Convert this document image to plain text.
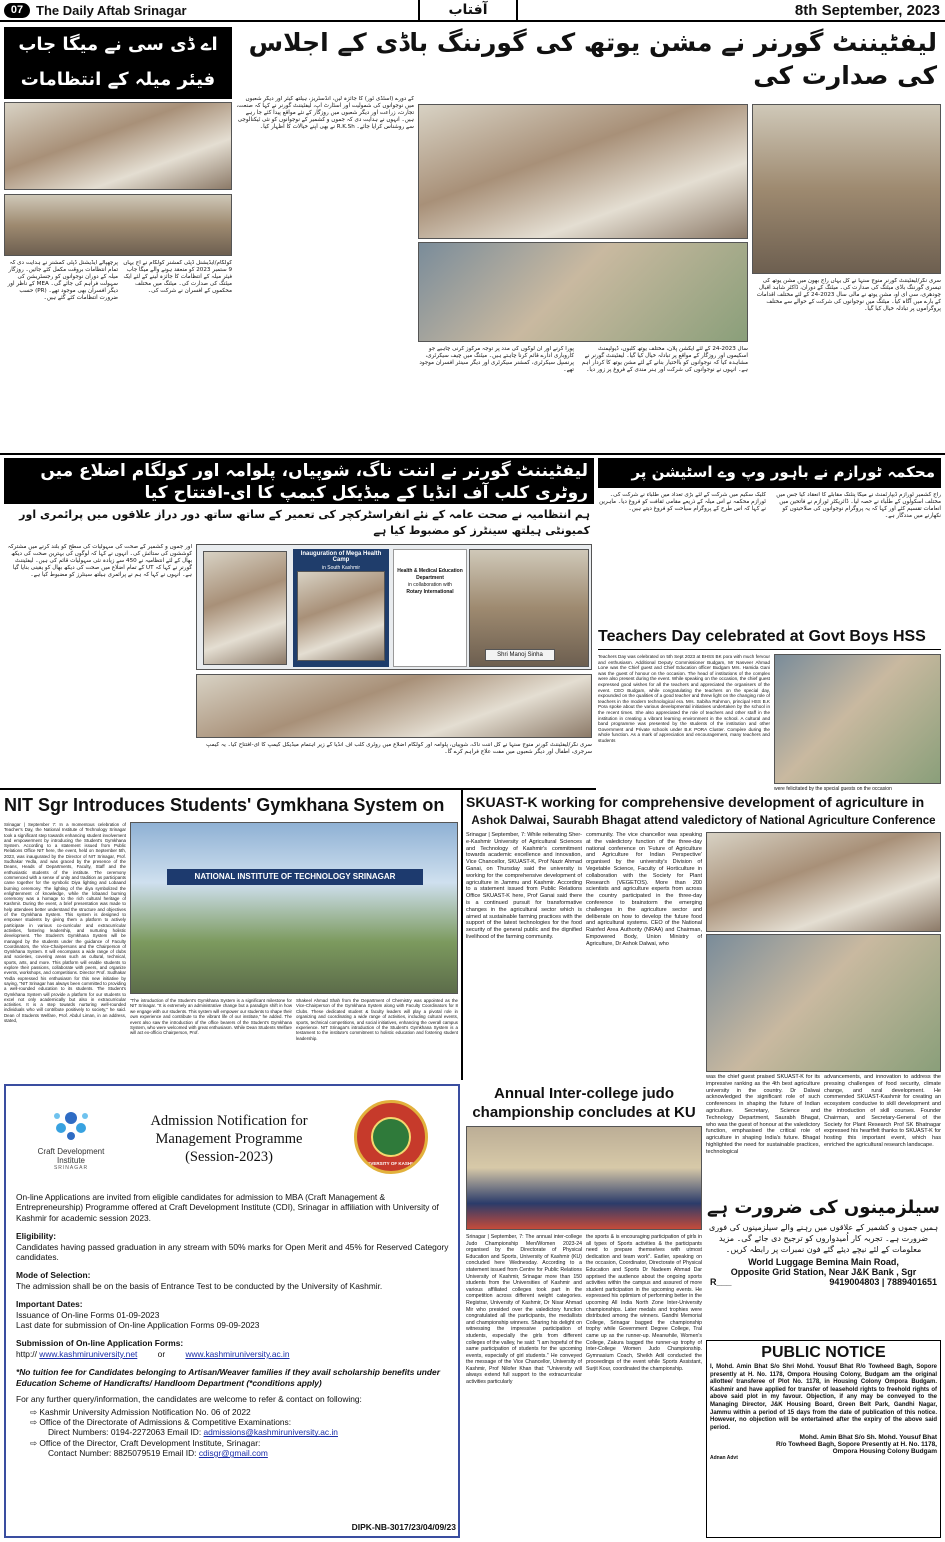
07 The Daily Aftab Srinagar	آفتاب	8th September, 2023
لیفٹیننٹ گورنر نے مشن یوتھ کی گورننگ باڈی کے اجلاس کی صدارت کی
کے دورے (اسٹڈی ٹور) کا جائزہ لیں، انڈسٹریز، ہیلتھ کیئر اور دیگر شعبوں میں نوجوانوں کی شمولیت اور اسٹارٹ اپ، لیفٹیننٹ گورنر نے کہا کہ صنعت، تجارت، زراعت اور دیگر شعبوں میں روزگار کے نئے مواقع پیدا کئے جا رہے ہیں۔ انہوں نے ہدایت دی کہ جموں و کشمیر کے نوجوانوں کو نئی ٹیکنالوجی سے روشناس کرایا جائے۔ R.K.Sh نے بھی اپنے خیالات کا اظہار کیا۔
سری نگر/لیفٹیننٹ گورنر منوج سنہا نے کل یہاں راج بھون میں مشن یوتھ کی تیسری گورننگ باڈی میٹنگ کی صدارت کی۔ میٹنگ کے دوران، ڈاکٹر شاہد اقبال چودھری، سی ای او، مشن یوتھ نے مالی سال 2023-24 کے لئے مختلف اقدامات کے بارے میں آگاہ کیا۔ میٹنگ میں نوجوانوں کی شرکت کے حوالے سے مختلف پروگراموں پر تبادلہ خیال کیا گیا۔
سال 2023-24 کے لئے ایکشن پلان، مختلف یوتھ کلبوں، ڈیولپمنٹ اسکیموں اور روزگار کے مواقع پر تبادلہ خیال کیا گیا۔ لیفٹیننٹ گورنر نے مشاہدہ کیا کہ نوجوانوں کو بااختیار بنانے کے لئے مشن یوتھ کا کردار اہم ہے۔ انہوں نے نوجوانوں کی شرکت اور ہنر مندی کے فروغ پر زور دیا۔
پورا کرنے اور ان لوگوں کی مدد پر توجہ مرکوز کرنی چاہیے جو کاروباری ادارے قائم کرنا چاہتے ہیں۔ میٹنگ میں چیف سیکرٹری، پرنسپل سیکرٹری، کمشنر سیکرٹری اور دیگر سینئر افسران موجود تھے۔
اے ڈی سی نے میگا جاب فیئر میلہ کے انتظامات
کولگام/ایڈیشنل ڈپٹی کمشنر کولگام نے آج یہاں 9 ستمبر 2023 کو منعقد ہونے والے میگا جاب فیئر میلہ کے انتظامات کا جائزہ لینے کے لئے ایک میٹنگ کی صدارت کی۔ میٹنگ میں مختلف محکموں کے افسران نے شرکت کی۔
پرچھپالے ایڈیشنل ڈپٹی کمشنر نے ہدایت دی کہ تمام انتظامات بروقت مکمل کئے جائیں۔ روزگار میلہ کے دوران نوجوانوں کو رجسٹریشن کی سہولت فراہم کی جائے گی۔ MEA کے ناظر اور دیگر افسران بھی موجود تھے۔ (PR) حسب ضرورت انتظامات کئے گئے ہیں۔
لیفٹیننٹ گورنر نے اننت ناگ، شوپیاں، پلوامہ اور کولگام اضلاع میں روٹری کلب آف انڈیا کے میڈیکل کیمپ کا ای-افتتاح کیا
ہم انتظامیہ نے صحت عامہ کے نئے انفراسٹرکچر کی تعمیر کے ساتھ ساتھ دور دراز علاقوں میں پرائمری اور کمیونٹی ہیلتھ سینٹرز کو مضبوط کیا ہے
Inauguration of Mega Health Camp
in South Kashmir	Health & Medical Education Department
in collaboration with
Rotary International
Shri Manoj Sinha
اور جموں و کشمیر کے صحت کی سہولیات کی سطح کو بلند کرنے میں مشترکہ کوششوں کی ستائش کی۔ انہوں نے کہا کہ لوگوں کی بہترین صحت کی دیکھ بھال کے لئے انتظامیہ نے 450 سے زیادہ نئی سہولیات قائم کی ہیں۔ لیفٹیننٹ گورنر نے کہا کہ UT کے تمام اضلاع میں صحت کی دیکھ بھال کو یقینی بنایا گیا ہے۔ انہوں نے کہا کہ ہم نے پرائمری ہیلتھ سینٹرز کو مضبوط کیا ہے۔
سری نگر/لیفٹیننٹ گورنر منوج سنہا نے کل اننت ناگ، شوپیاں، پلوامہ اور کولگام اضلاع میں روٹری کلب آف انڈیا کے زیر اہتمام میڈیکل کیمپ کا ای-افتتاح کیا۔ یہ کیمپ سرجری، اطفال اور دیگر شعبوں میں مفت علاج فراہم کرے گا۔
محکمہ ٹورازم نے باہور وپ وے اسٹیشن پر
راج کشمیر ٹورازم ڈیپارٹمنٹ نے میگا پنٹنگ مقابلے کا انعقاد کیا جس میں مختلف اسکولوں کے طلباء نے حصہ لیا۔ ڈائریکٹر ٹورازم نے فاتحین میں انعامات تقسیم کئے اور کہا کہ یہ پروگرام نوجوانوں کی صلاحیتوں کو نکھارنے میں مددگار ہے۔
کلیک سکیم میں شرکت کے لئے بڑی تعداد میں طلباء نے شرکت کی۔ ٹورازم محکمہ نے اس میلہ کے ذریعے مقامی ثقافت کو فروغ دیا۔ ماہرین نے کہا کہ اس طرح کے پروگرام سیاحت کو فروغ دیتے ہیں۔
Teachers Day celebrated at Govt Boys HSS
Teachers Day was celebrated on 5th Sept 2023 at BHSS BK pora with much fervour and enthusiasm. Additional Deputy Commissioner Budgam, Mr Nasveer Ahmad Lone was the Chief guest and Chief Education officer Budgam Mrs. Hamida Gani was the guest of honour on the occasion. The head of institutions of the complex were also present during the event. While speaking on the occasion, the chief guest expressed good wishes for all the teachers and appreciated the organisers of the event. CEO Budgam, while congratulating the teachers on the special day, expounded on the qualities of a good teacher and threw light on the changing role of teachers in the modern technological era. Mrs. Sabiha Rahmon, principal HSS B.K Pora spoke about the various developmental initiatives undertaken by the school in the recent times. She also appreciated the role of teachers and other staff in the institution in creating a vibrant learning environment in the school. A cultural and band programme was presented by the students of the institution and other Government and Private schools under B.K PORA Cluster. Compère during the whole function. As a mark of appreciation and encouragement, many teachers and students
were felicitated by the special guests on the occasion
NIT Sgr Introduces Students' Gymkhana System on
Srinagar | September 7: In a momentous celebration of Teacher's Day, the National Institute of Technology Srinagar took a significant step towards enhancing student involvement and empowerment by introducing the Student's Gymkhana System. According to a statement issued from Public Relations Office NIT here, the event, held on September 5th, 2023, was inaugurated by the Director of NIT Srinagar, Prof. Sudhakar Yedla, and was graced by the presence of the Deans, Heads of Departments, Faculty, Staff and the enthusiastic students of the institute. The ceremony commenced with a sense of unity and tradition as participants came together for the symbolic Diya lighting and Lobaand burning ceremony. The lighting of the diya symbolized the enlightenment of knowledge, while the lobaand burning ceremony was a homage to the rich cultural heritage of Kashmir. During the event, a brief presentation was made to help attendees better understand the structure and objectives of the Gymkhana System. This system is designed to empower students by giving them a platform to actively participate in various co-curricular and extracurricular activities, fostering leadership, and nurturing holistic development. The Student's Gymkhana System will be managed by the students under the guidance of Faculty Coordinators, the Vice-Chairpersons and the Chairperson of Gymkhana System. It will encompass a wide range of clubs and societies, covering areas such as cultural, technical, sports, arts, and more. This platform will enable students to explore their passions, collaborate with peers, and organize events, workshops, and competitions. Director Prof. Sudhakar Yedla expressed his enthusiasm for this new initiative by saying, "NIT Srinagar has always been committed to providing a well-rounded education to its students. The Student's Gymkhana System will provide a platform for our students to excel not only academically but also in extracurricular activities. It is a step towards nurturing well-rounded individuals who will contribute positively to society," he said. Dean of Students Welfare, Prof. Abdul Liman, in an address, stated,
NATIONAL INSTITUTE OF TECHNOLOGY SRINAGAR
"The introduction of the Student's Gymkhana System is a significant milestone for NIT Srinagar. "It is extremely an administrative change but a paradigm shift in how we engage with our students. This system will empower our students to shape their own experience and contribute to the vibrant life of our institute," he added. The event also saw the introduction of the office bearers of the Student's Gymkhana System, who were welcomed with great enthusiasm. While Dean Students Welfare will act ex-officio Chairperson, Prof.
Shakeel Ahmad Shah from the Department of Chemistry was appointed as the Vice-Chairperson of the Gymkhana System along with Faculty Coordinators for 8 Clubs. These dedicated student & faculty leaders will play a pivotal role in organizing and coordinating a wide range of activities, including cultural events, sports, technical competitions, and social initiatives, enhancing the overall campus experience. NIT Srinagar's introduction of the Student's Gymkhana System is a testament to the institute's commitment to holistic education and fostering student leadership.
SKUAST-K working for comprehensive development of agriculture in
Ashok Dalwai, Saurabh Bhagat attend valedictory of National Agriculture Conference
Srinagar | September, 7: While reiterating Sher-e-Kashmir University of Agricultural Sciences and Technology of Kashmir's commitment towards academic excellence and innovation, Vice Chancellor, SKUAST-K, Prof Nazir Ahmad Ganai, on Thursday said the university is working for the comprehensive development of agriculture in Jammu and Kashmir. According to a statement issued from Public Relations Office SKUAST-K here, Prof Ganai said there is a continued pursuit for transformative changes in the agricultural sector which is aimed at sustainable farming practices with the support of the latest technologies for the food security of the general public and the dignified livelihood of the farming community.
community. The vice chancellor was speaking at the valedictory function of the three-day national conference on 'Future of Agriculture and Agriculture for Indian Perspective' organised by the university's Division of Vegetable Science, Faculty of Horticulture in collaboration with the Society for Plant Research (VEGETOS). More than 200 scientists and agriculture experts from across the country participated in the three-day conference to brainstorm the emerging challenges in the agriculture sector and deliberate on how to develop the future food and agricultural systems. CEO of the National Rainfed Area Authority (NRAA) and Chairman, Empowered Body, Union Ministry of Agriculture, Dr Ashok Dalwai, who
was the chief guest praised SKUAST-K for its impressive ranking as the 4th best agriculture university in the country. Dr Dalwai acknowledged the significant role of such conferences in shaping the future of Indian agriculture. Secretary, Science and Technology Department, Saurabh Bhagat, who was the guest of honour at the valedictory function, emphasised the critical role of agriculture in shaping India's future. Bhagat highlighted the need for sustainable practices, technological
advancements, and innovation to address the pressing challenges of food security, climate change, and rural development. He commended SKUAST-Kashmir for creating an ecosystem conducive to skill development and the introduction of skill courses. Founder Chairman, and Secretary-General of the Society for Plant Research Prof SK Bhatnagar expressed his heartfelt thanks to SKUAST-K for hosting this important event, which has enriched the agricultural research landscape.
Annual Inter-college judo championship concludes at KU
Srinagar | September, 7: The annual inter-college Judo Championship Men/Women 2023-24 organised by the Directorate of Physical Education and Sports, University of Kashmir (KU) concluded here Wednesday. According to a statement issued from Centre for Public Relations University of Kashmir, Srinagar more than 150 students from the Universities of Kashmir and various affiliated colleges took part in the competition across different weight categories. Registrar, University of Kashmir, Dr Nisar Ahmad Mir who presided over the valedictory function congratulated all the participants, the medallists and championship winners. Sharing his delight on witnessing the impressive participation of students, especially the girls from different colleges of the valley, he said: "I am hopeful of the same participation of students for the upcoming events, especially of girl students." He conveyed the message of the Vice Chancellor, University of Kashmir, Prof Nilofer Khan that: "University will always extend full support to the extracurricular activities particularly
the sports & is encouraging participation of girls in all types of Sports activities & the participants need to prepare themselves with utmost dedication and team work". Earlier, speaking on the occasion, Coordinator, Directorate of Physical Education and Sports Dr Nadeem Ahmad Dar apprised the audience about the ongoing sports activities within the campus and assured of more student participation in the upcoming events. He expressed his optimism of performing better in the upcoming All India North Zone Inter-University championships. Later medals and trophies were distributed among the winners. Gandhi Memorial College, Srinagar bagged the championship trophy while Government Degree College, Tral came up as the runner-up. Meanwhile, Women's College, Zakura bagged the runner-up trophy of Inter-College Women Judo Championship. Gymnasium Coach, Sheikh Adil conducted the proceedings of the event while Sports Assistant, Surjit Kour, coordinated the championship.
Craft Development Institute
SRINAGAR
Admission Notification for
Management Programme
(Session-2023)	UNIVERSITY OF KASHMIR
On-line Applications are invited from eligible candidates for admission to MBA (Craft Management & Entrepreneurship) Programme offered at Craft Development Institute (CDI), Srinagar in affiliation with University of Kashmir for academic session 2023.
Eligibility:
Candidates having passed graduation in any stream with 50% marks for Open Merit and 45% for Reserved Category candidates.
Mode of Selection:
The admission shall be on the basis of Entrance Test to be conducted by the University of Kashmir.
Important Dates:
Issuance of On-line Forms 01-09-2023
Last date for submission of On-line Application Forms 09-09-2023
Submission of On-line Application Forms:
http:// www.kashmiruniversity.net or www.kashmiruniversity.ac.in
*No tuition fee for Candidates belonging to Artisan/Weaver families if they avail scholarship benefits under Education Scheme of Handicrafts/ Handloom Department (*conditions apply)
For any further query/information, the candidates are welcome to refer & contact on following:
⇨ Kashmir University Admission Notification No. 06 of 2022
⇨ Office of the Directorate of Admissions & Competitive Examinations:
Direct Numbers: 0194-2272063 Email ID: admissions@kashmiruniversity.ac.in
⇨ Office of the Director, Craft Development Institute, Srinagar:
Contact Number: 8825079519 Email ID: cdisgr@gmail.com
DIPK-NB-3017/23/04/09/23
سیلزمینوں کی ضرورت ہے
ہمیں جموں و کشمیر کے علاقوں میں رہنے والے سیلزمینوں کی فوری ضرورت ہے۔ تجربہ کار اُمیدواروں کو ترجیح دی جائے گی۔ مزید معلومات کے لئے نیچے دیئے گئے فون نمبرات پر رابطہ کریں۔
World Luggage Bemina Main Road,
Opposite Grid Station, Near J&K Bank , Sgr
R___	9419004803 | 7889401651
PUBLIC NOTICE
I, Mohd. Amin Bhat S/o Shri Mohd. Yousuf Bhat R/o Towheed Bagh, Sopore presently at H. No. 1178, Ompora Housing Colony, Budgam am the original allottee/ transferee of Plot No. 1178, in Housing Colony Ompora Budgam. Kashmir and have applied for transfer of leasehold rights to freehold rights of above said plot in my favour. Objection, if any may be conveyed to the Managing Director, J&K Housing Board, Green Belt Park, Gandhi Nagar, Jammu within a period of 15 days from the date of publication of this notice. However, no objection will be entertained after the expiry of the above said period.
Mohd. Amin Bhat S/o Sh. Mohd. Yousuf Bhat
R/o Towheed Bagh, Sopore Presently at H. No. 1178,
Ompora Housing Colony Budgam
Adnan Advt
